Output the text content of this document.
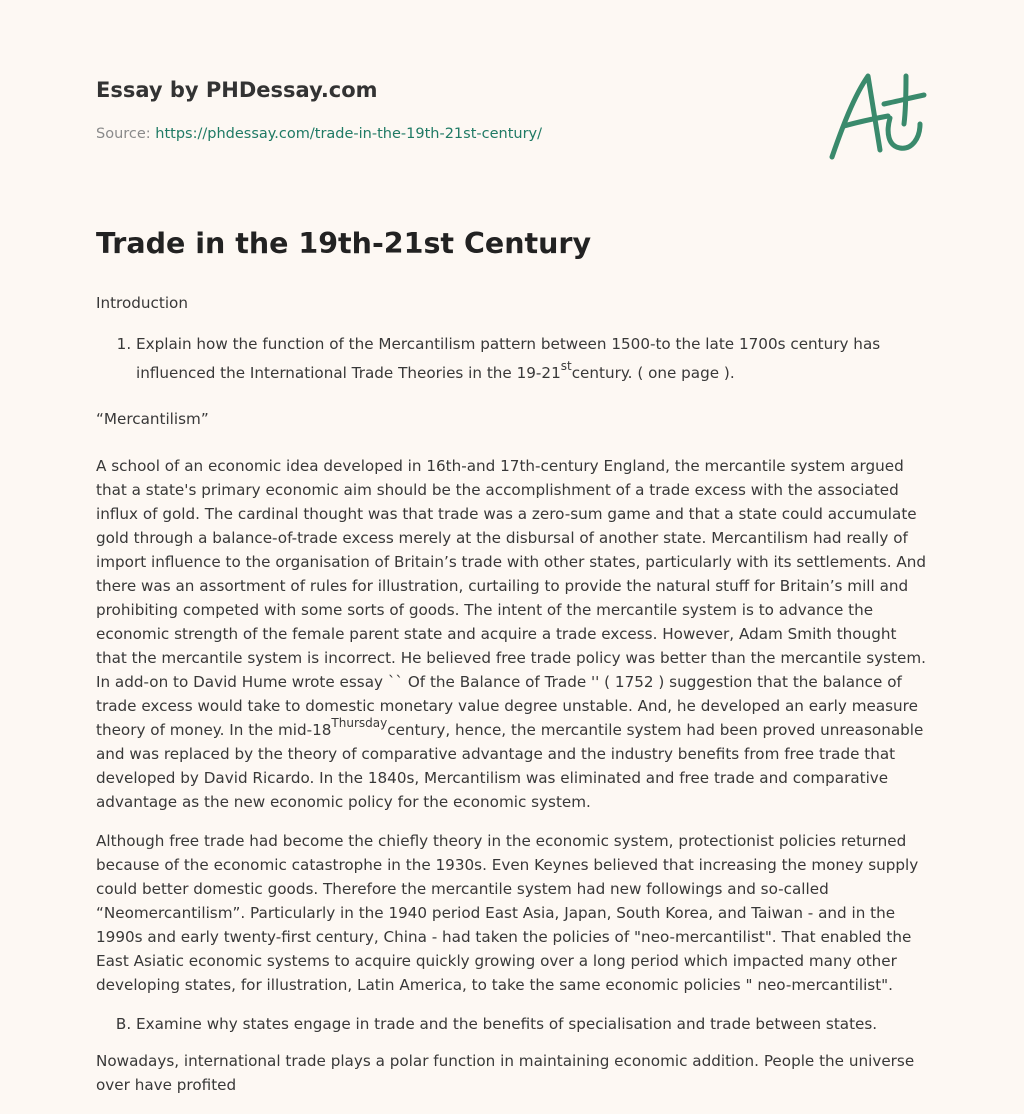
Essay by PHDessay.com
Source: https://phdessay.com/trade-in-the-19th-21st-century/
Trade in the 19th-21st Century

Introduction

1. Explain how the function of the Mercantilism pattern between 1500-to the late 1700s century has influenced the International Trade Theories in the 19-21stcentury. ( one page ).

“Mercantilism”

A school of an economic idea developed in 16th-and 17th-century England, the mercantile system argued that a state's primary economic aim should be the accomplishment of a trade excess with the associated influx of gold. The cardinal thought was that trade was a zero-sum game and that a state could accumulate gold through a balance-of-trade excess merely at the disbursal of another state. Mercantilism had really of import influence to the organisation of Britain’s trade with other states, particularly with its settlements. And there was an assortment of rules for illustration, curtailing to provide the natural stuff for Britain’s mill and prohibiting competed with some sorts of goods. The intent of the mercantile system is to advance the economic strength of the female parent state and acquire a trade excess. However, Adam Smith thought that the mercantile system is incorrect. He believed free trade policy was better than the mercantile system. In add-on to David Hume wrote essay `` Of the Balance of Trade '' ( 1752 ) suggestion that the balance of trade excess would take to domestic monetary value degree unstable. And, he developed an early measure theory of money. In the mid-$18^{Thursday}century$, hence, the mercantile system had been proved unreasonable and was replaced by the theory of comparative advantage and the industry benefits from free trade that developed by David Ricardo. In the 1840s, Mercantilism was eliminated and free trade and comparative advantage as the new economic policy for the economic system.

Although free trade had become the chiefly theory in the economic system, protectionist policies returned because of the economic catastrophe in the 1930s. Even Keynes believed that increasing the money supply could better domestic goods. Therefore the mercantile system had new followings and so-called “Neomercantilism”. Particularly in the 1940 period East Asia, Japan, South Korea, and Taiwan - and in the 1990s and early twenty-first century, China - had taken the policies of "neo-mercantilist". That enabled the East Asiatic economic systems to acquire quickly growing over a long period which impacted many other developing states, for illustration, Latin America, to take the same economic policies " neo-mercantilist".

B. Examine why states engage in trade and the benefits of specialisation and trade between states.

Nowadays, international trade plays a polar function in maintaining economic addition. People the universe over have profited
